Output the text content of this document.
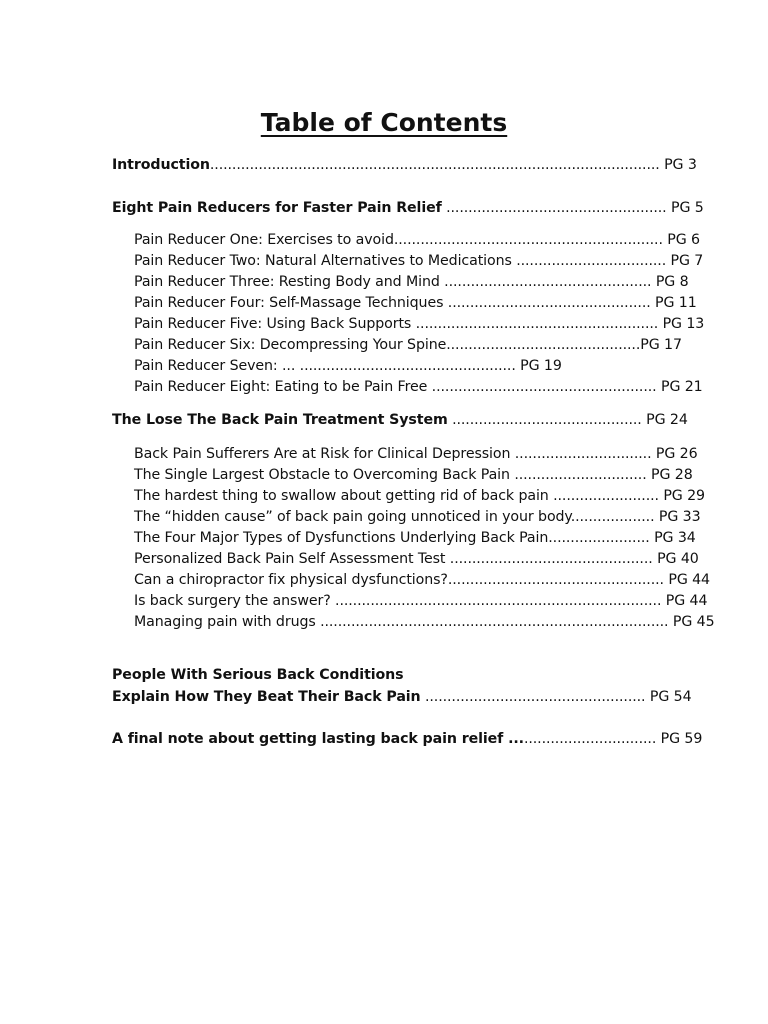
Table of Contents
Introduction...................................................................................................... PG 3
Eight Pain Reducers for Faster Pain Relief .................................................. PG 5
Pain Reducer One: Exercises to avoid............................................................. PG 6
Pain Reducer Two: Natural Alternatives to Medications .................................. PG 7
Pain Reducer Three: Resting Body and Mind ............................................... PG 8
Pain Reducer Four: Self-Massage Techniques .............................................. PG 11
Pain Reducer Five: Using Back Supports ....................................................... PG 13
Pain Reducer Six: Decompressing Your Spine............................................PG 17
Pain Reducer Seven: ... ................................................. PG 19
Pain Reducer Eight: Eating to be Pain Free ................................................... PG 21
The Lose The Back Pain Treatment System ........................................... PG 24
Back Pain Sufferers Are at Risk for Clinical Depression ............................... PG 26
The Single Largest Obstacle to Overcoming Back Pain .............................. PG 28
The hardest thing to swallow about getting rid of back pain ........................ PG 29
The “hidden cause” of back pain going unnoticed in your body................... PG 33
The Four Major Types of Dysfunctions Underlying Back Pain....................... PG 34
Personalized Back Pain Self Assessment Test .............................................. PG 40
Can a chiropractor fix physical dysfunctions?................................................. PG 44
Is back surgery the answer? .......................................................................... PG 44
Managing pain with drugs ............................................................................... PG 45
People With Serious Back Conditions
Explain How They Beat Their Back Pain .................................................. PG 54
A final note about getting lasting back pain relief ................................. PG 59
